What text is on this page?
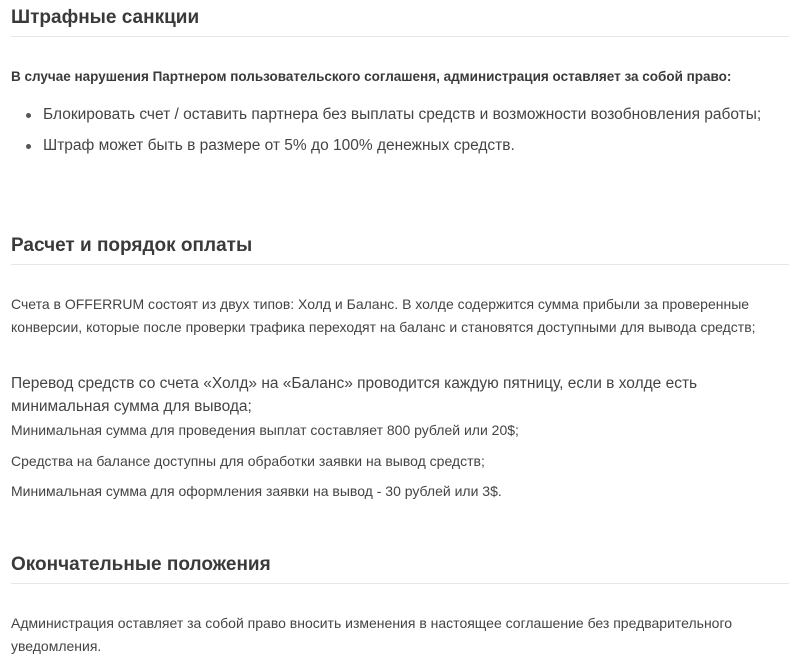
Штрафные санкции

В случае нарушения Партнером пользовательского соглашеня, администрация оставляет за собой право:

Блокировать счет / оставить партнера без выплаты средств и возможности возобновления работы;
Штраф может быть в размере от 5% до 100% денежных средств.
Расчет и порядок оплаты

Счета в OFFERRUM состоят из двух типов: Холд и Баланс. В холде содержится сумма прибыли за проверенные конверсии, которые после проверки трафика переходят на баланс и становятся доступными для вывода средств;

Перевод средств со счета «Холд» на «Баланс» проводится каждую пятницу, если в холде есть минимальная сумма для вывода;

Минимальная сумма для проведения выплат составляет 800 рублей или 20$;

Средства на балансе доступны для обработки заявки на вывод средств;

Минимальная сумма для оформления заявки на вывод - 30 рублей или 3$.

Окончательные положения

Администрация оставляет за собой право вносить изменения в настоящее соглашение без предварительного уведомления.
